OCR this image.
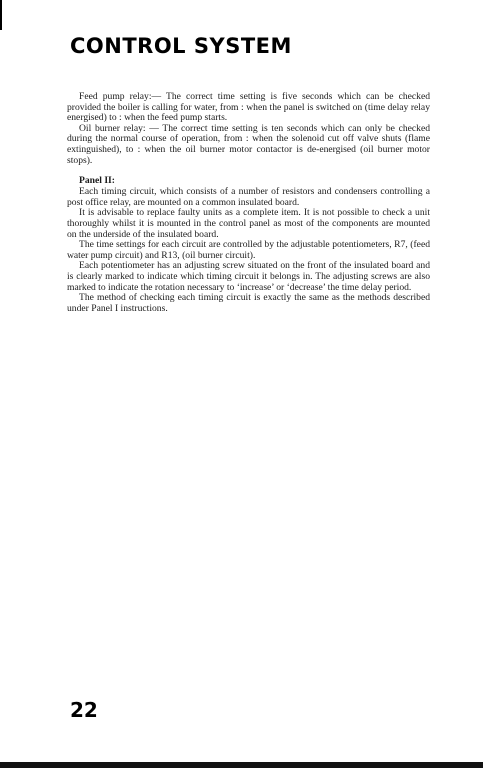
CONTROL SYSTEM

Feed pump relay:— The correct time setting is five seconds which can be checked provided the boiler is calling for water, from : when the panel is switched on (time delay relay energised) to : when the feed pump starts.

Oil burner relay: — The correct time setting is ten seconds which can only be checked during the normal course of operation, from : when the solenoid cut off valve shuts (flame extinguished), to : when the oil burner motor contactor is de-energised (oil burner motor stops).

Panel II:

Each timing circuit, which consists of a number of resistors and condensers controlling a post office relay, are mounted on a common insulated board.

It is advisable to replace faulty units as a complete item. It is not possible to check a unit thoroughly whilst it is mounted in the control panel as most of the components are mounted on the underside of the insulated board.

The time settings for each circuit are controlled by the adjustable potentiometers, R7, (feed water pump circuit) and R13, (oil burner circuit).

Each potentiometer has an adjusting screw situated on the front of the insulated board and is clearly marked to indicate which timing circuit it belongs in. The adjusting screws are also marked to indicate the rotation necessary to ‘increase’ or ‘decrease’ the time delay period.

The method of checking each timing circuit is exactly the same as the methods described under Panel I instructions.

22
